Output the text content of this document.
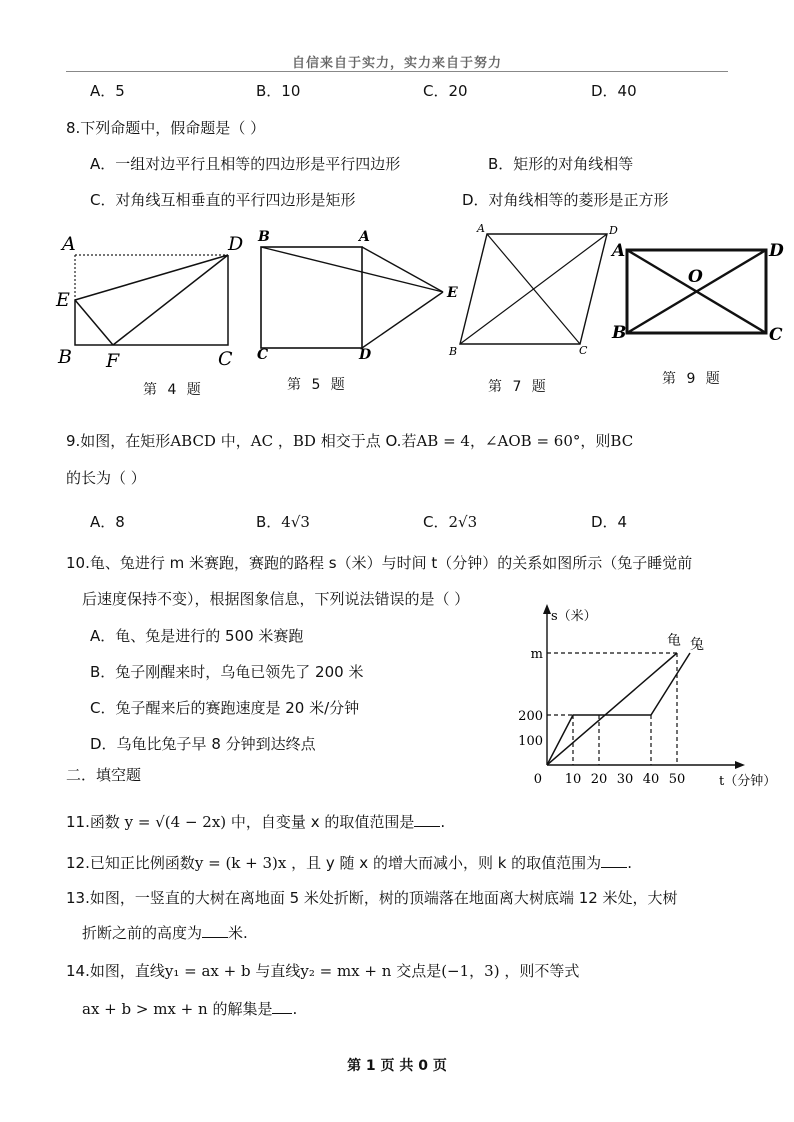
自信来自于实力，实力来自于努力
A．5	B．10	C．20	D．40
8.下列命题中，假命题是（ ）
A．一组对边平行且相等的四边形是平行四边形	B．矩形的对角线相等
C．对角线互相垂直的平行四边形是矩形	D．对角线相等的菱形是正方形
A	D
E
B F	C
第 4 题
B	A
E
C	D
第 5 题
A	D
B	C
第 7 题
A	D
O
B	C
第 9 题
9.如图，在矩形ABCD 中，AC ，BD 相交于点 O.若AB = 4，∠AOB = 60°，则BC
的长为（ ）
A．8	B．4√3	C．2√3	D．4
10.龟、兔进行 m 米赛跑，赛跑的路程 s（米）与时间 t（分钟）的关系如图所示（兔子睡觉前
后速度保持不变），根据图象信息，下列说法错误的是（ ）
A．龟、兔是进行的 500 米赛跑
B．兔子刚醒来时，乌龟已领先了 200 米
C．兔子醒来后的赛跑速度是 20 米/分钟
D．乌龟比兔子早 8 分钟到达终点
s（米）
t（分钟）
0 10 20 30 40 50
100
200
m
龟 兔
二．填空题
11.函数 y = √(4 − 2x) 中，自变量 x 的取值范围是 .
12.已知正比例函数y = (k + 3)x ，且 y 随 x 的增大而减小，则 k 的取值范围为 .
13.如图，一竖直的大树在离地面 5 米处折断，树的顶端落在地面离大树底端 12 米处，大树
折断之前的高度为 米.
14.如图，直线y₁ = ax + b 与直线y₂ = mx + n 交点是(−1，3) ，则不等式
ax + b > mx + n 的解集是 .
第 1 页 共 0 页
